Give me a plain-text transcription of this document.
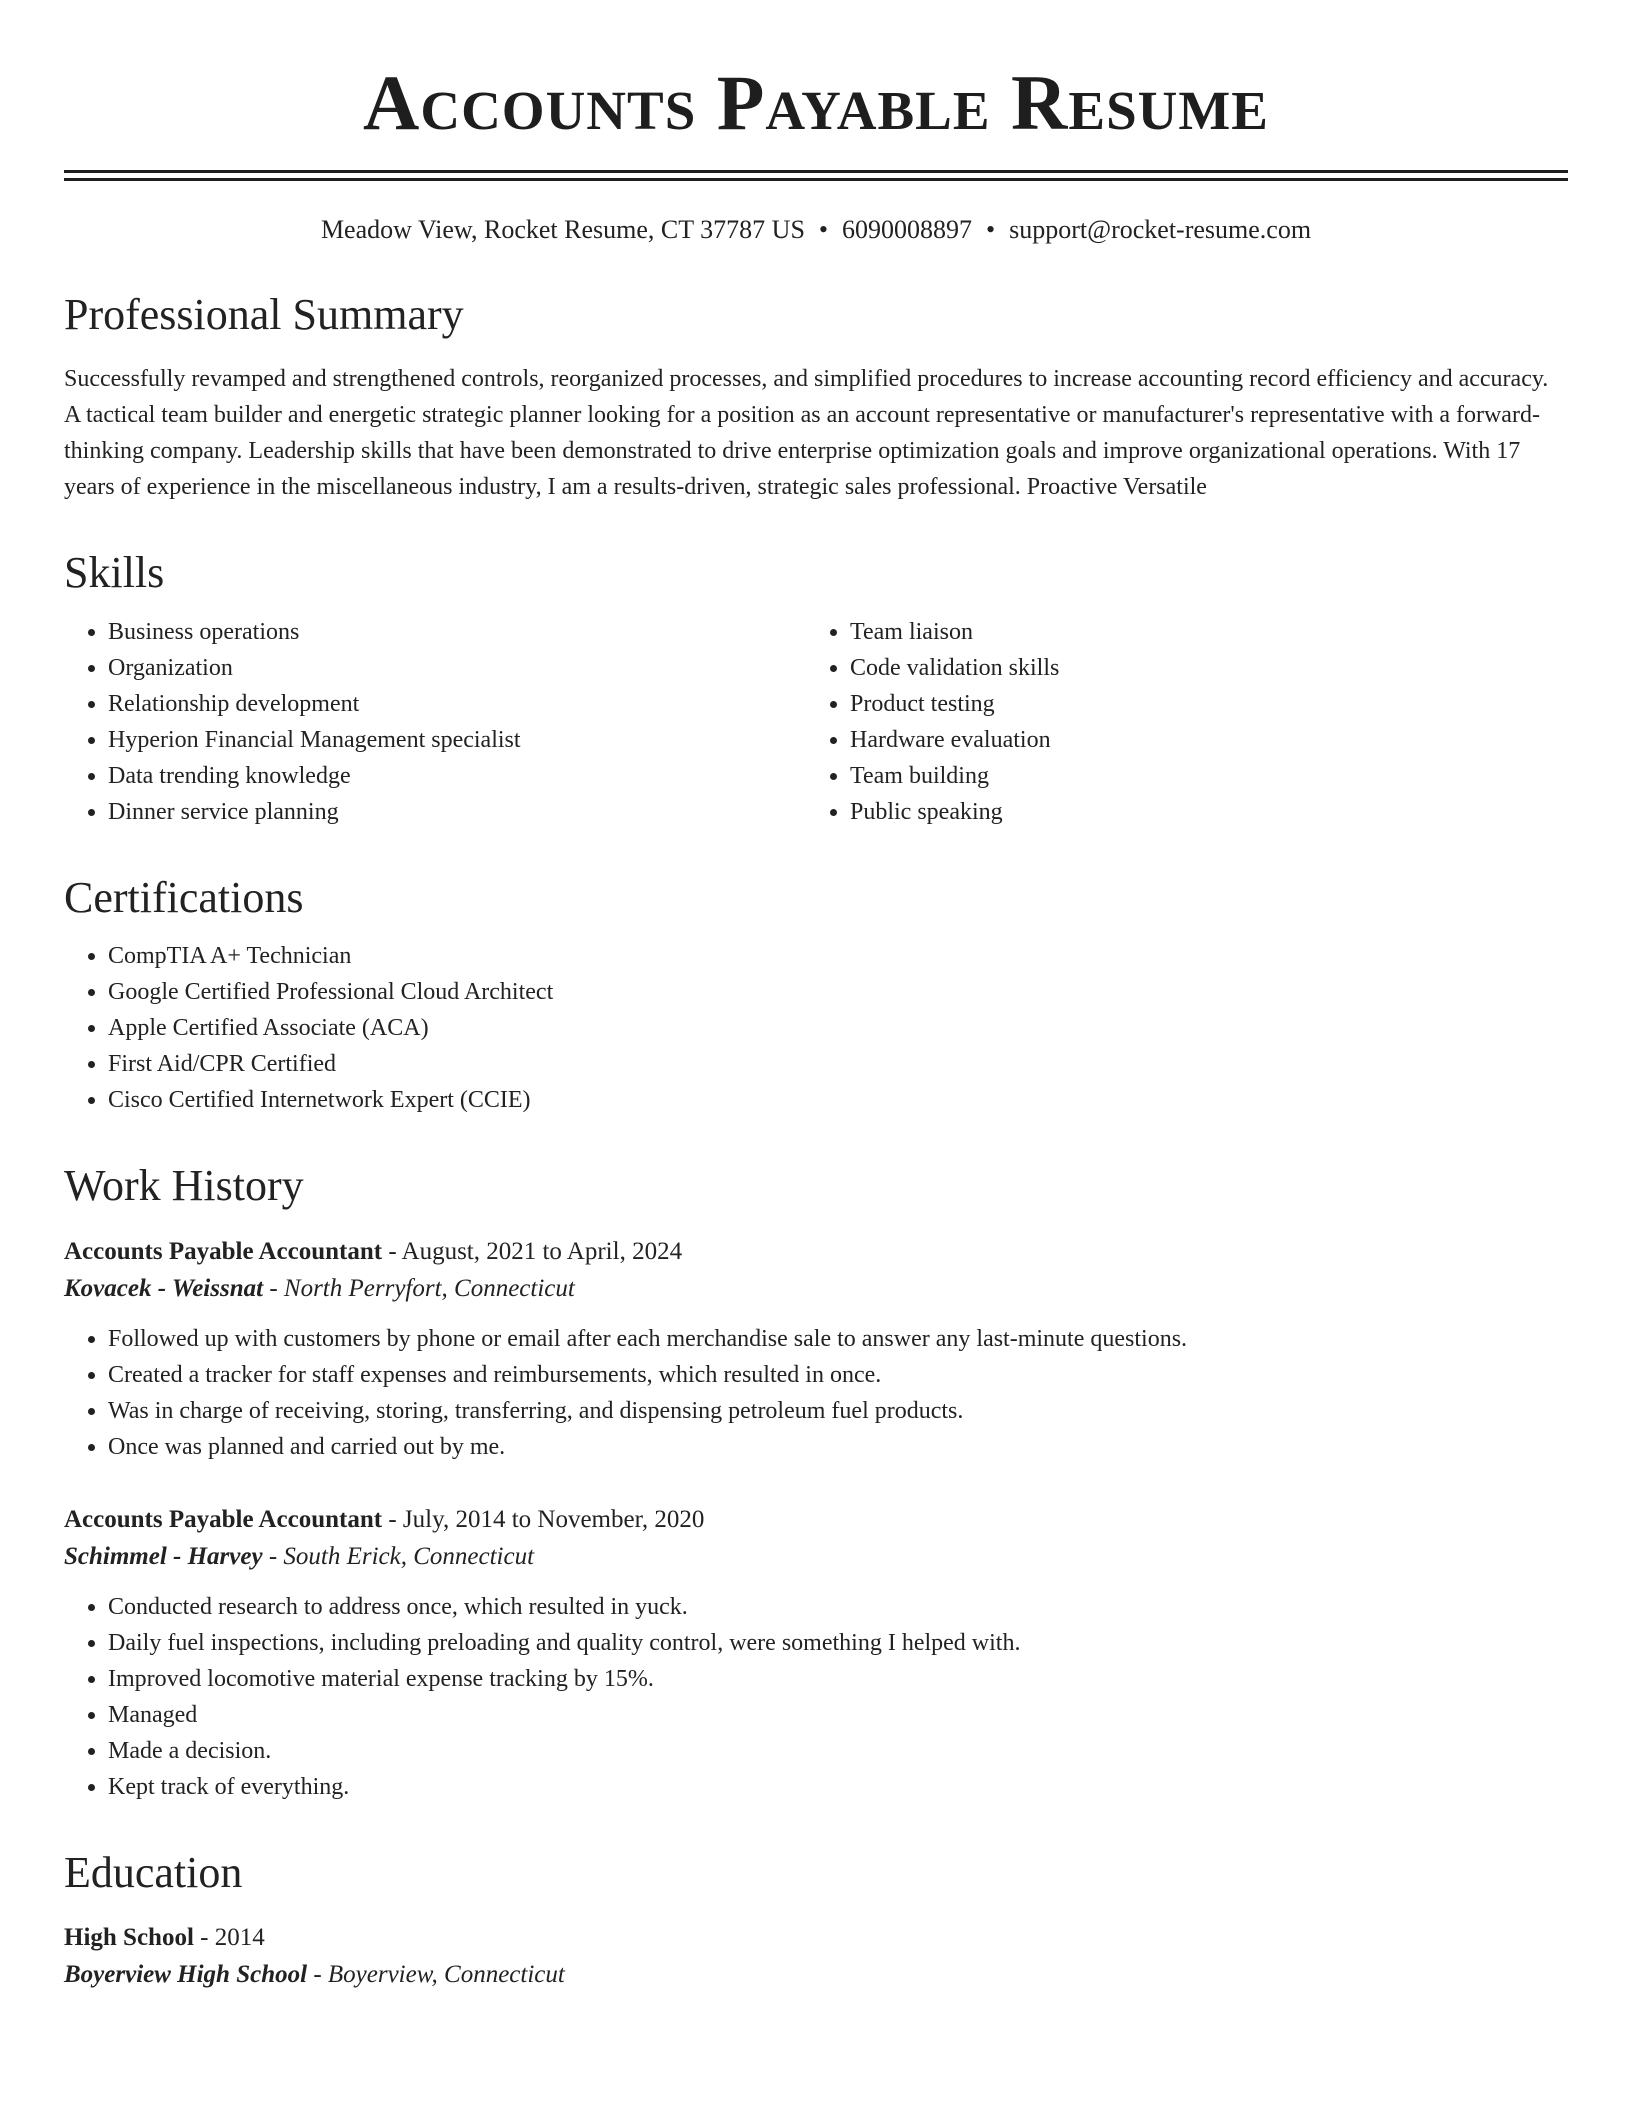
Accounts Payable Resume
Meadow View, Rocket Resume, CT 37787 US • 6090008897 • support@rocket-resume.com
Professional Summary

Successfully revamped and strengthened controls, reorganized processes, and simplified procedures to increase accounting record efficiency and accuracy. A tactical team builder and energetic strategic planner looking for a position as an account representative or manufacturer's representative with a forward-thinking company. Leadership skills that have been demonstrated to drive enterprise optimization goals and improve organizational operations. With 17 years of experience in the miscellaneous industry, I am a results-driven, strategic sales professional. Proactive Versatile

Skills
• Business operations
• Organization
• Relationship development
• Hyperion Financial Management specialist
• Data trending knowledge
• Dinner service planning
• Team liaison
• Code validation skills
• Product testing
• Hardware evaluation
• Team building
• Public speaking
Certifications
• CompTIA A+ Technician
• Google Certified Professional Cloud Architect
• Apple Certified Associate (ACA)
• First Aid/CPR Certified
• Cisco Certified Internetwork Expert (CCIE)
Work History
Accounts Payable Accountant - August, 2021 to April, 2024
Kovacek - Weissnat - North Perryfort, Connecticut
• Followed up with customers by phone or email after each merchandise sale to answer any last-minute questions.
• Created a tracker for staff expenses and reimbursements, which resulted in once.
• Was in charge of receiving, storing, transferring, and dispensing petroleum fuel products.
• Once was planned and carried out by me.
Accounts Payable Accountant - July, 2014 to November, 2020
Schimmel - Harvey - South Erick, Connecticut
• Conducted research to address once, which resulted in yuck.
• Daily fuel inspections, including preloading and quality control, were something I helped with.
• Improved locomotive material expense tracking by 15%.
• Managed
• Made a decision.
• Kept track of everything.
Education
High School - 2014
Boyerview High School - Boyerview, Connecticut
